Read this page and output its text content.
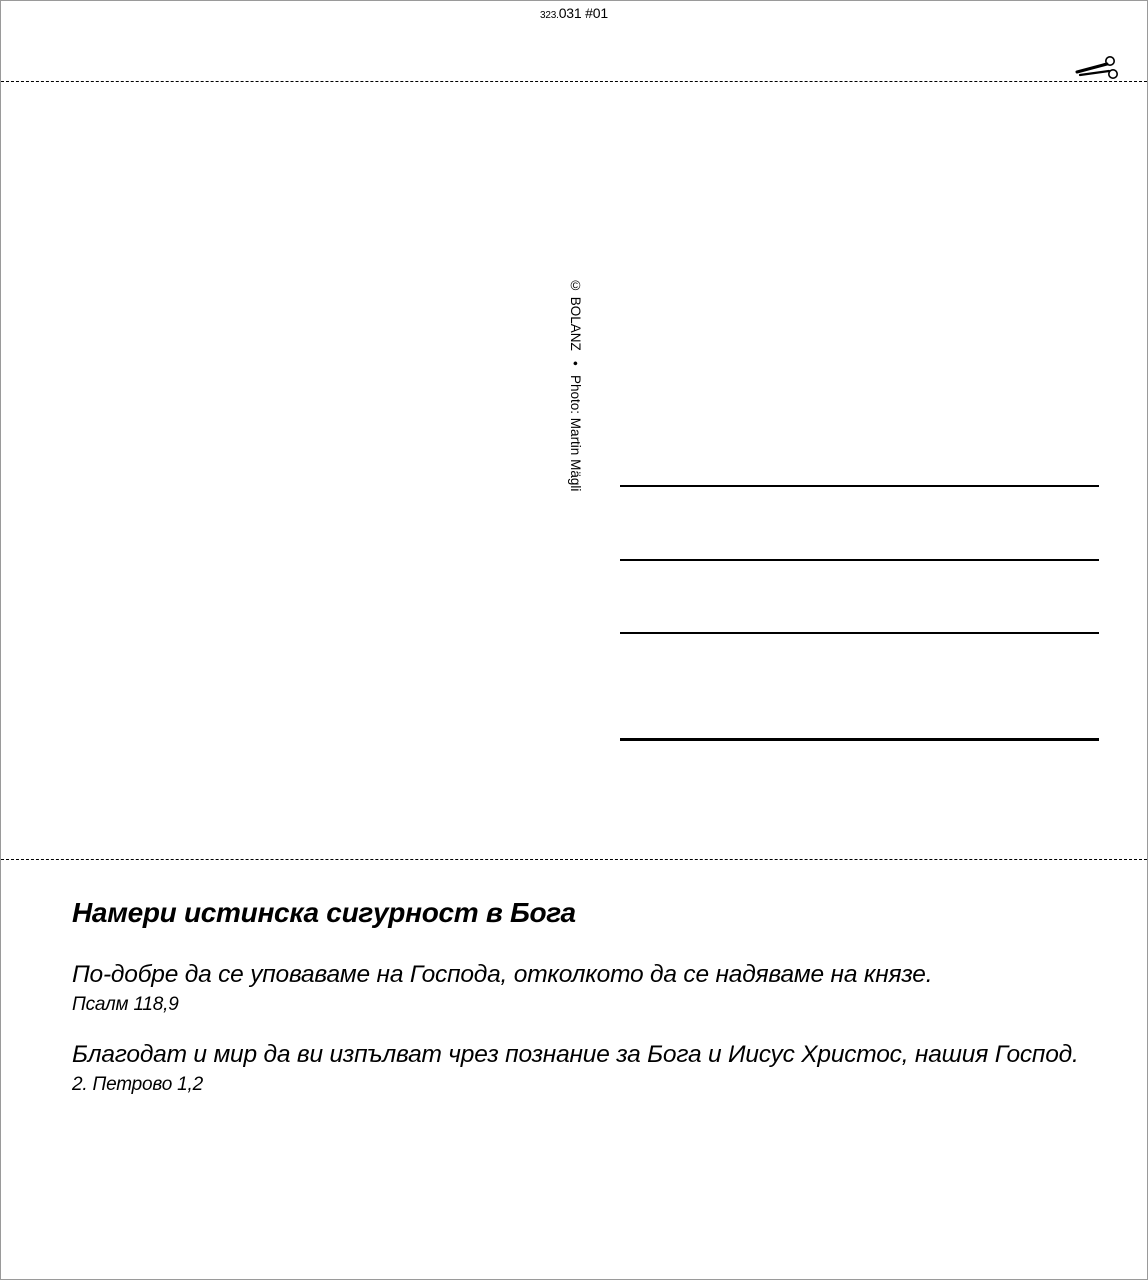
323.031 #01
© BOLANZ • Photo: Martin Mägli
Намери истинска сигурност в Бога
По-добре да се уповаваме на Господа, отколкото да се надяваме на князе.
Псалм 118,9
Благодат и мир да ви изпълват чрез познание за Бога и Иисус Христос, нашия Господ.
2. Петрово 1,2
